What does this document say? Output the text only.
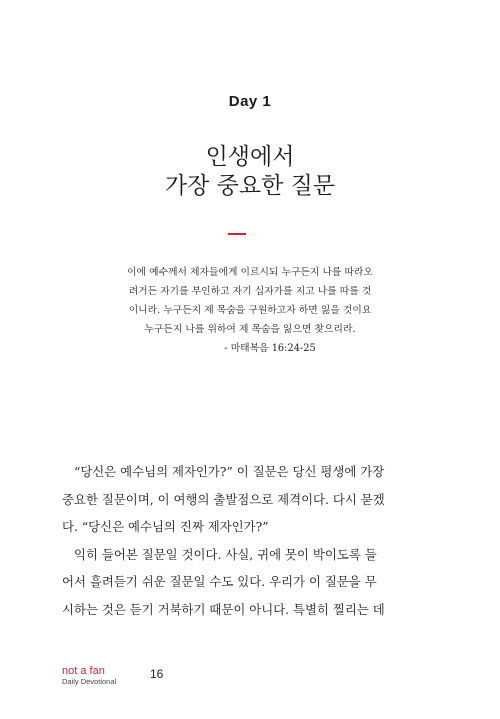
Day 1
인생에서
가장 중요한 질문
이에 예수께서 제자들에게 이르시되 누구든지 나를 따라오
려거든 자기를 부인하고 자기 십자가를 지고 나를 따를 것
이니라. 누구든지 제 목숨을 구원하고자 하면 잃을 것이요
누구든지 나를 위하여 제 목숨을 잃으면 찾으리라.
- 마태복음 16:24-25
“당신은 예수님의 제자인가?” 이 질문은 당신 평생에 가장
중요한 질문이며, 이 여행의 출발점으로 제격이다. 다시 묻겠
다. “당신은 예수님의 진짜 제자인가?”
익히 들어본 질문일 것이다. 사실, 귀에 못이 박이도록 들
어서 흘려듣기 쉬운 질문일 수도 있다. 우리가 이 질문을 무
시하는 것은 듣기 거북하기 때문이 아니다. 특별히 찔리는 데
not a fan
Daily Devotional
16
